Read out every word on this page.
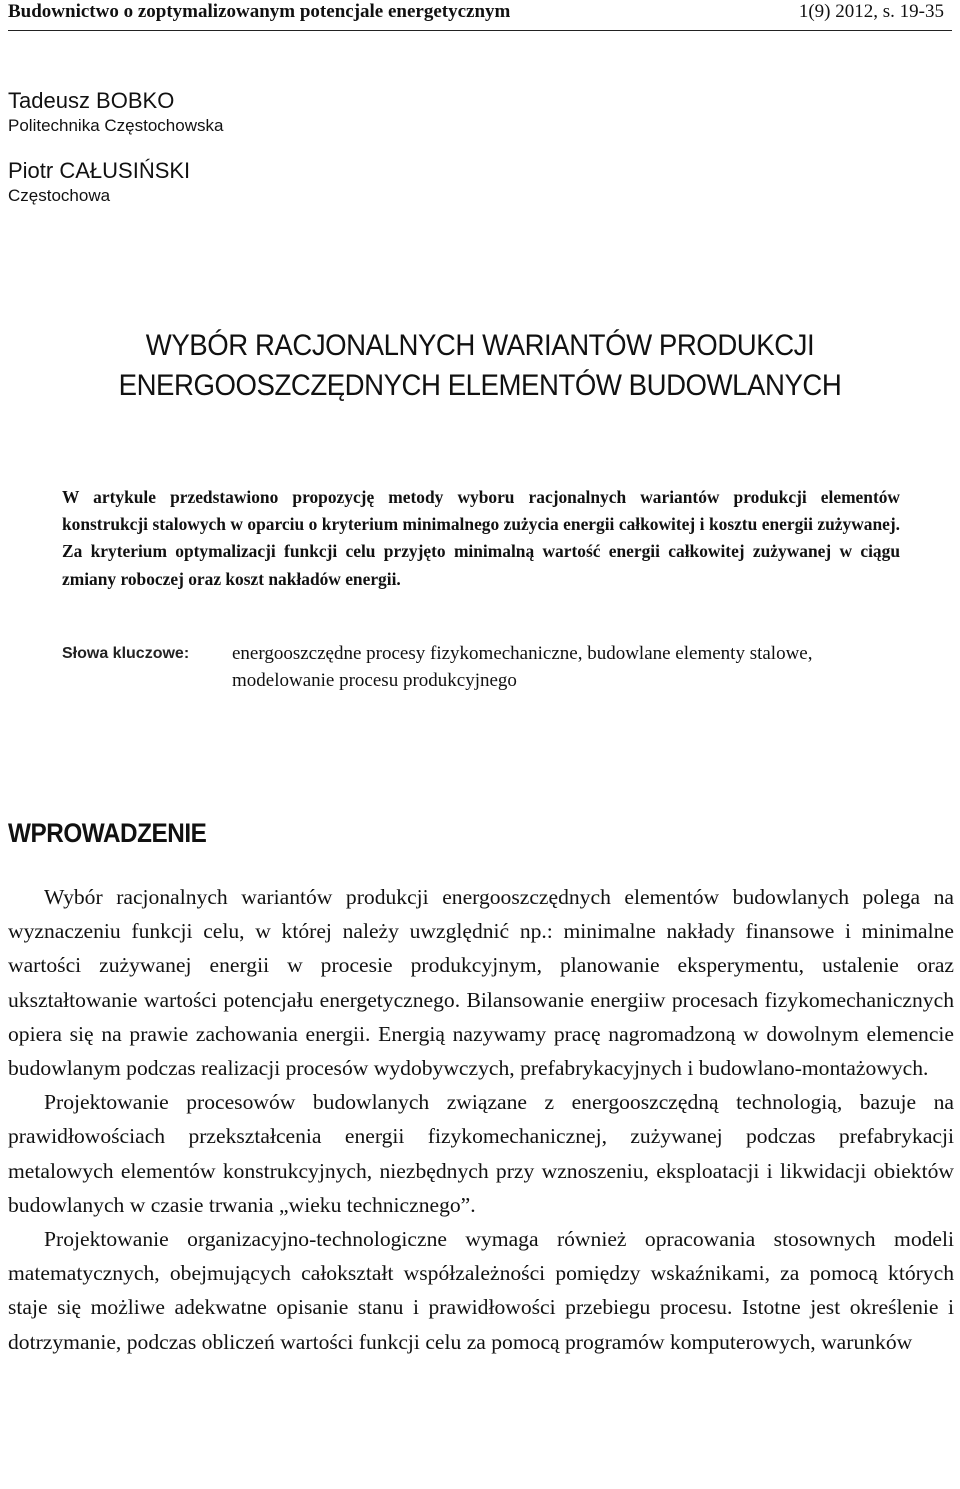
Budownictwo o zoptymalizowanym potencjale energetycznym	1(9) 2012, s. 19-35
Tadeusz BOBKO
Politechnika Częstochowska
Piotr CAŁUSIŃSKI
Częstochowa
WYBÓR RACJONALNYCH WARIANTÓW PRODUKCJI
ENERGOOSZCZĘDNYCH ELEMENTÓW BUDOWLANYCH
W artykule przedstawiono propozycję metody wyboru racjonalnych wariantów produkcji elementów konstrukcji stalowych w oparciu o kryterium minimalnego zużycia energii całkowitej i kosztu energii zużywanej. Za kryterium optymalizacji funkcji celu przyjęto minimalną wartość energii całkowitej zużywanej w ciągu zmiany roboczej oraz koszt nakładów energii.
Słowa kluczowe: energooszczędne procesy fizykomechaniczne, budowlane elementy stalowe, modelowanie procesu produkcyjnego
WPROWADZENIE

Wybór racjonalnych wariantów produkcji energooszczędnych elementów budowlanych polega na wyznaczeniu funkcji celu, w której należy uwzględnić np.: minimalne nakłady finansowe i minimalne wartości zużywanej energii w procesie produkcyjnym, planowanie eksperymentu, ustalenie oraz ukształtowanie wartości potencjału energetycznego. Bilansowanie energiiw procesach fizykomechanicznych opiera się na prawie zachowania energii. Energią nazywamy pracę nagromadzoną w dowolnym elemencie budowlanym podczas realizacji procesów wydobywczych, prefabrykacyjnych i budowlano-montażowych.

Projektowanie procesowów budowlanych związane z energooszczędną technologią, bazuje na prawidłowościach przekształcenia energii fizykomechanicznej, zużywanej podczas prefabrykacji metalowych elementów konstrukcyjnych, niezbędnych przy wznoszeniu, eksploatacji i likwidacji obiektów budowlanych w czasie trwania „wieku technicznego”.

Projektowanie organizacyjno-technologiczne wymaga również opracowania stosownych modeli matematycznych, obejmujących całokształt współzależności pomiędzy wskaźnikami, za pomocą których staje się możliwe adekwatne opisanie stanu i prawidłowości przebiegu procesu. Istotne jest określenie i dotrzymanie, podczas obliczeń wartości funkcji celu za pomocą programów komputerowych, warunków
